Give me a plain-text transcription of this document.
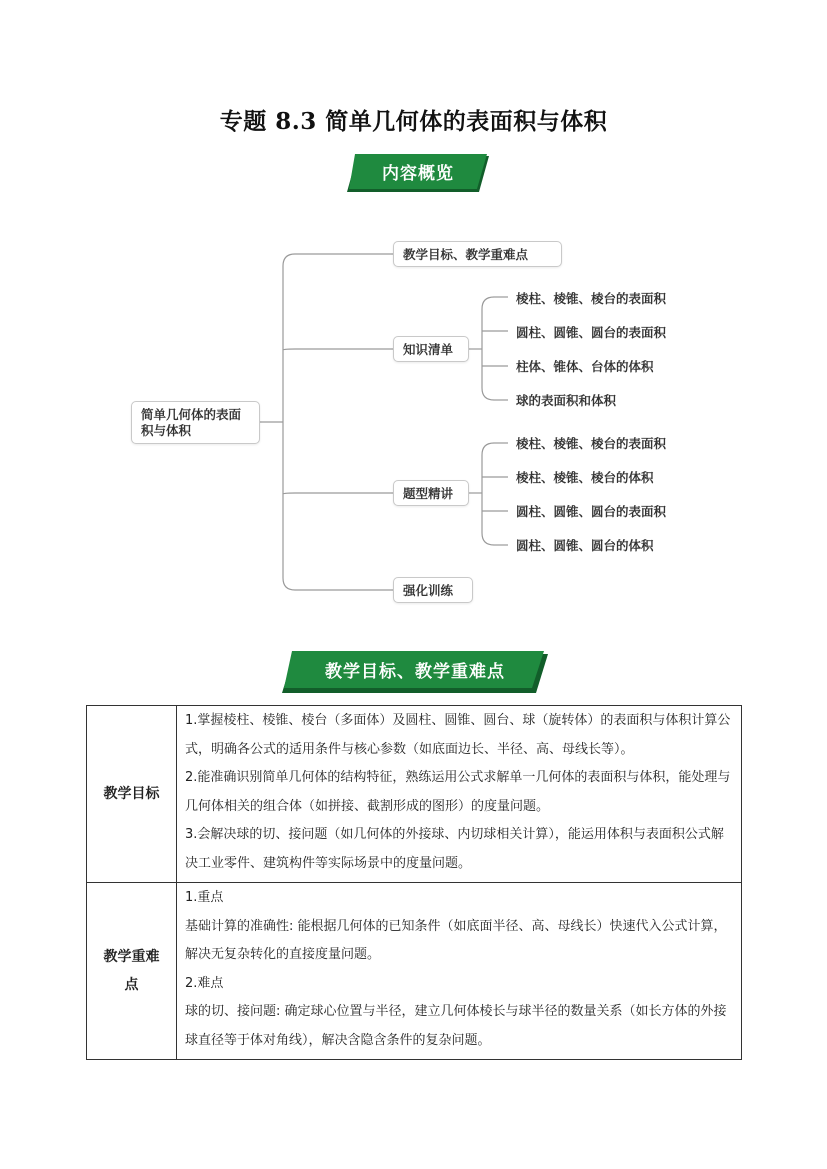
专题 8.3 简单几何体的表面积与体积
内容概览
简单几何体的表面积与体积
教学目标、教学重难点
知识清单
题型精讲
强化训练
棱柱、棱锥、棱台的表面积
圆柱、圆锥、圆台的表面积
柱体、锥体、台体的体积
球的表面积和体积
棱柱、棱锥、棱台的表面积
棱柱、棱锥、棱台的体积
圆柱、圆锥、圆台的表面积
圆柱、圆锥、圆台的体积
教学目标、教学重难点
教学目标	1.掌握棱柱、棱锥、棱台（多面体）及圆柱、圆锥、圆台、球（旋转体）的表面积与体积计算公式，明确各公式的适用条件与核心参数（如底面边长、半径、高、母线长等）。

2.能准确识别简单几何体的结构特征，熟练运用公式求解单一几何体的表面积与体积，能处理与几何体相关的组合体（如拼接、截割形成的图形）的度量问题。

3.会解决球的切、接问题（如几何体的外接球、内切球相关计算），能运用体积与表面积公式解决工业零件、建筑构件等实际场景中的度量问题。

教学重难点	1.重点

基础计算的准确性: 能根据几何体的已知条件（如底面半径、高、母线长）快速代入公式计算，解决无复杂转化的直接度量问题。

2.难点

球的切、接问题: 确定球心位置与半径，建立几何体棱长与球半径的数量关系（如长方体的外接球直径等于体对角线），解决含隐含条件的复杂问题。
